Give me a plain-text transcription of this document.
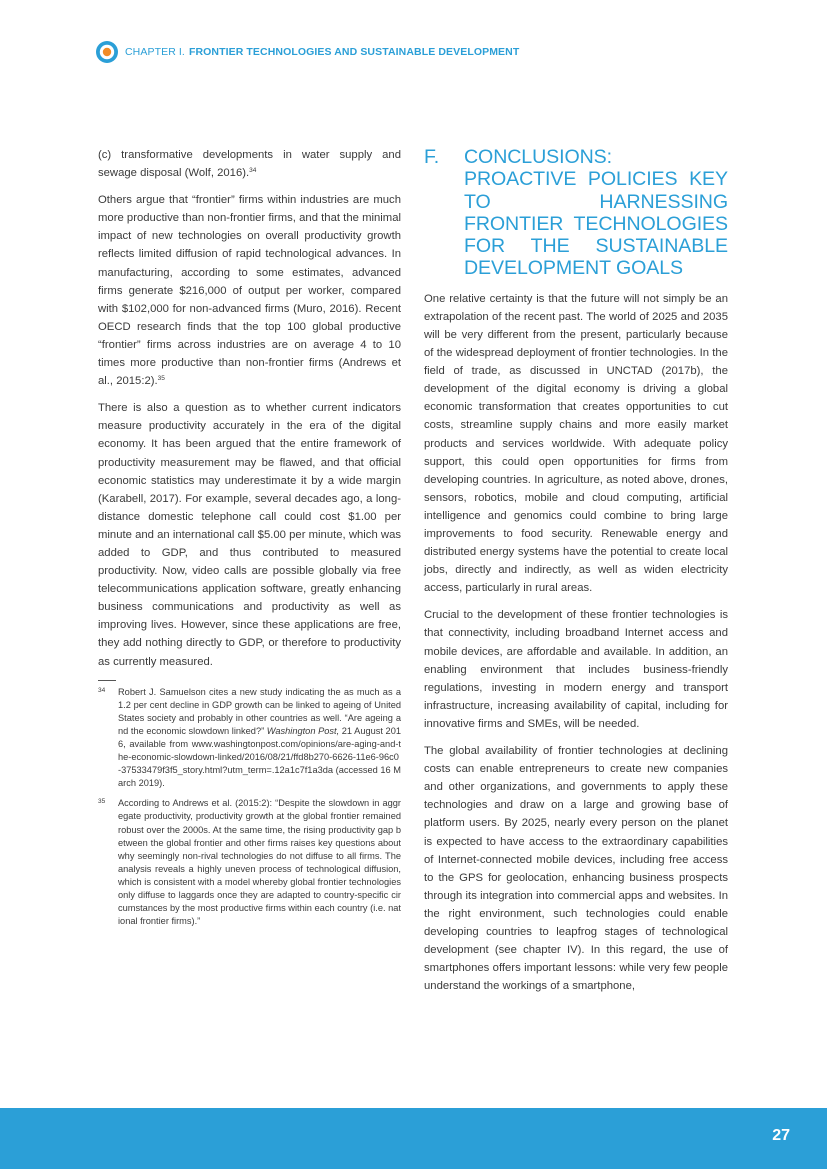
CHAPTER I. FRONTIER TECHNOLOGIES AND SUSTAINABLE DEVELOPMENT

(c) transformative developments in water supply and sewage disposal (Wolf, 2016).$^{34}$

Others argue that “frontier” firms within industries are much more productive than non-frontier firms, and that the minimal impact of new technologies on overall productivity growth reflects limited diffusion of rapid technological advances. In manufacturing, according to some estimates, advanced firms generate $216,000 of output per worker, compared with $102,000 for non-advanced firms (Muro, 2016). Recent OECD research finds that the top 100 global productive “frontier” firms across industries are on average 4 to 10 times more productive than non-frontier firms (Andrews et al., 2015:2).$^{35}$

There is also a question as to whether current indicators measure productivity accurately in the era of the digital economy. It has been argued that the entire framework of productivity measurement may be flawed, and that official economic statistics may underestimate it by a wide margin (Karabell, 2017). For example, several decades ago, a long-distance domestic telephone call could cost $1.00 per minute and an international call $5.00 per minute, which was added to GDP, and thus contributed to measured productivity. Now, video calls are possible globally via free telecommunications application software, greatly enhancing business communications and productivity as well as improving lives. However, since these applications are free, they add nothing directly to GDP, or therefore to productivity as currently measured.

34	Robert J. Samuelson cites a new study indicating the as much as a 1.2 per cent decline in GDP growth can be linked to ageing of United States society and probably in other countries as well. “Are ageing and the economic slowdown linked?” Washington Post, 21 August 2016, available from www.washingtonpost.com/opinions/are-aging-and-the-economic-slowdown-linked/2016/08/21/ffd8b270-6626-11e6-96c0-37533479f3f5_story.html?utm_term=.12a1c7f1a3da (accessed 16 March 2019).
35	According to Andrews et al. (2015:2): “Despite the slowdown in aggregate productivity, productivity growth at the global frontier remained robust over the 2000s. At the same time, the rising productivity gap between the global frontier and other firms raises key questions about why seemingly non-rival technologies do not diffuse to all firms. The analysis reveals a highly uneven process of technological diffusion, which is consistent with a model whereby global frontier technologies only diffuse to laggards once they are adapted to country-specific circumstances by the most productive firms within each country (i.e. national frontier firms).”
F.	CONCLUSIONS: PROACTIVE POLICIES KEY TO HARNESSING FRONTIER TECHNOLOGIES FOR THE SUSTAINABLE DEVELOPMENT GOALS

One relative certainty is that the future will not simply be an extrapolation of the recent past. The world of 2025 and 2035 will be very different from the present, particularly because of the widespread deployment of frontier technologies. In the field of trade, as discussed in UNCTAD (2017b), the development of the digital economy is driving a global economic transformation that creates opportunities to cut costs, streamline supply chains and more easily market products and services worldwide. With adequate policy support, this could open opportunities for firms from developing countries. In agriculture, as noted above, drones, sensors, robotics, mobile and cloud computing, artificial intelligence and genomics could combine to bring large improvements to food security. Renewable energy and distributed energy systems have the potential to create local jobs, directly and indirectly, as well as widen electricity access, particularly in rural areas.

Crucial to the development of these frontier technologies is that connectivity, including broadband Internet access and mobile devices, are affordable and available. In addition, an enabling environment that includes business-friendly regulations, investing in modern energy and transport infrastructure, increasing availability of capital, including for innovative firms and SMEs, will be needed.

The global availability of frontier technologies at declining costs can enable entrepreneurs to create new companies and other organizations, and governments to apply these technologies and draw on a large and growing base of platform users. By 2025, nearly every person on the planet is expected to have access to the extraordinary capabilities of Internet-connected mobile devices, including free access to the GPS for geolocation, enhancing business prospects through its integration into commercial apps and websites. In the right environment, such technologies could enable developing countries to leapfrog stages of technological development (see chapter IV). In this regard, the use of smartphones offers important lessons: while very few people understand the workings of a smartphone,

27
